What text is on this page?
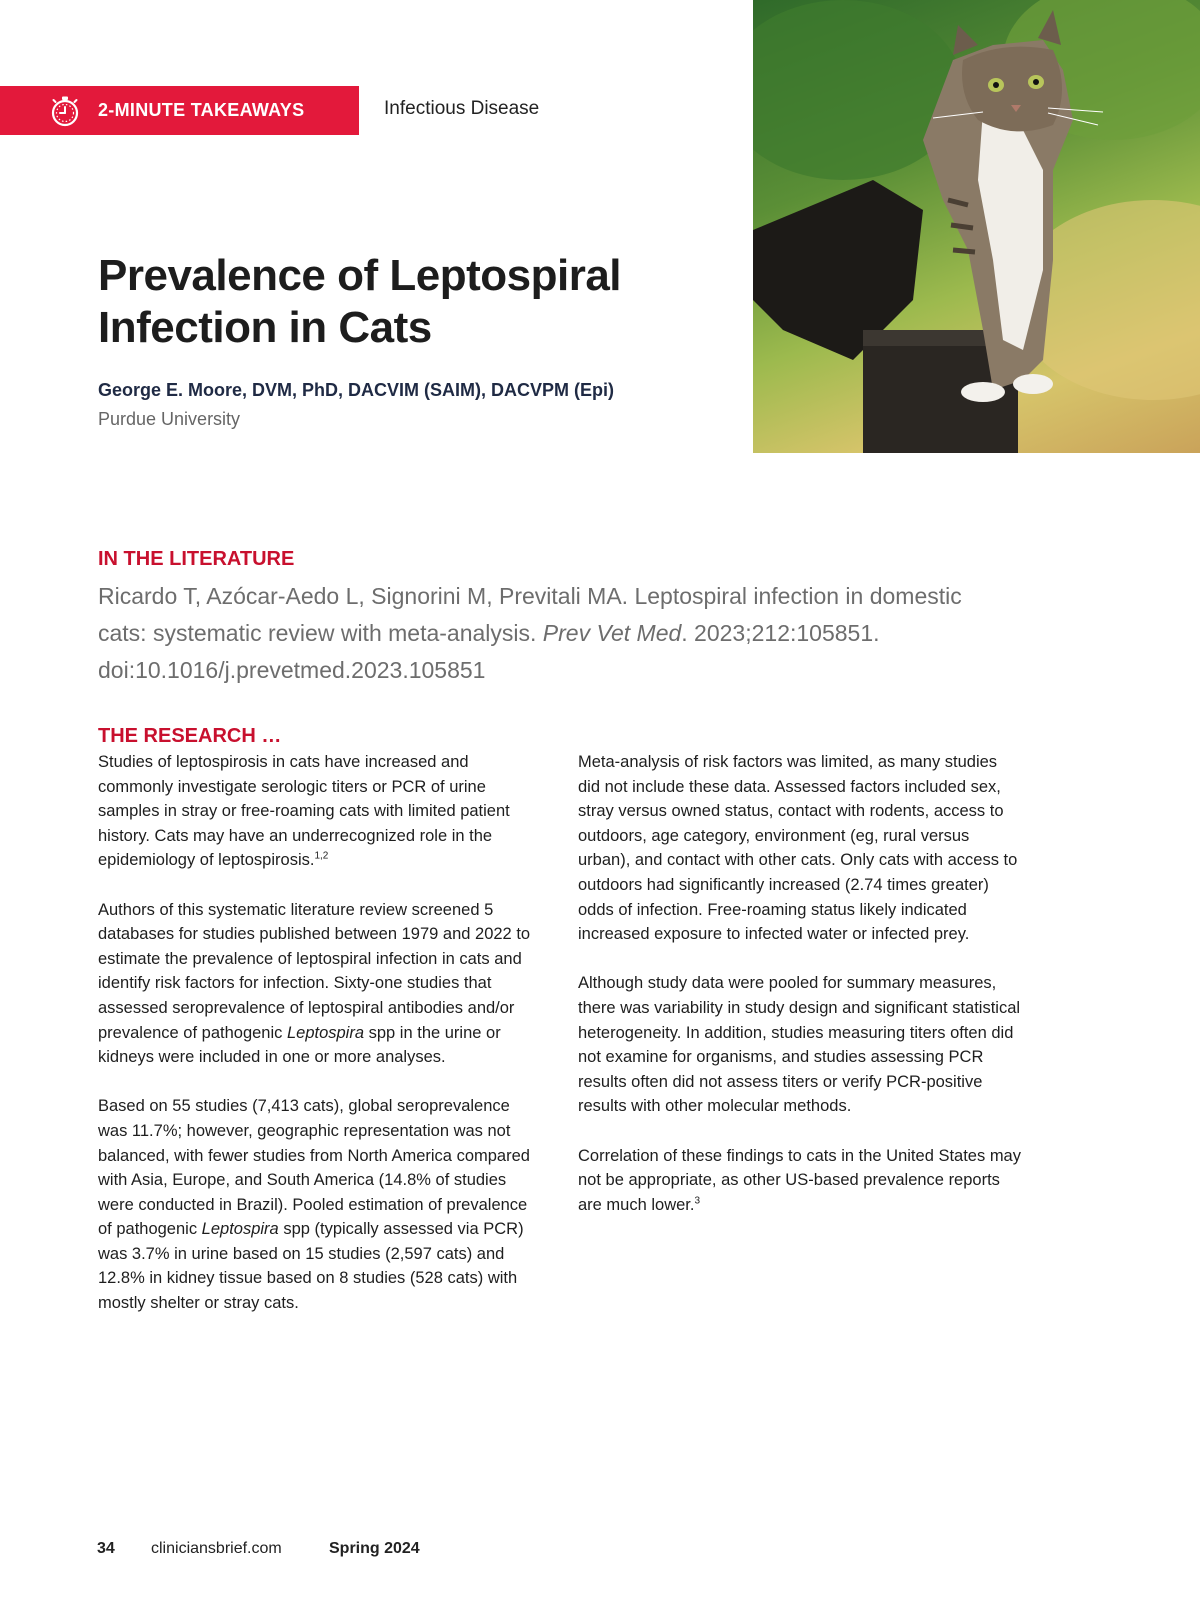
2-MINUTE TAKEAWAYS	Infectious Disease
Prevalence of Leptospiral Infection in Cats
George E. Moore, DVM, PhD, DACVIM (SAIM), DACVPM (Epi)
Purdue University
IN THE LITERATURE
Ricardo T, Azócar-Aedo L, Signorini M, Previtali MA. Leptospiral infection in domestic cats: systematic review with meta-analysis. Prev Vet Med. 2023;212:105851. doi:10.1016/j.prevetmed.2023.105851
THE RESEARCH …

Studies of leptospirosis in cats have increased and commonly investigate serologic titers or PCR of urine samples in stray or free-roaming cats with limited patient history. Cats may have an underrecognized role in the epidemiology of leptospirosis.$^{1,2}$

Authors of this systematic literature review screened 5 databases for studies published between 1979 and 2022 to estimate the prevalence of leptospiral infection in cats and identify risk factors for infection. Sixty-one studies that assessed seroprevalence of leptospiral antibodies and/or prevalence of pathogenic Leptospira spp in the urine or kidneys were included in one or more analyses.

Based on 55 studies (7,413 cats), global seroprevalence was 11.7%; however, geographic representation was not balanced, with fewer studies from North America compared with Asia, Europe, and South America (14.8% of studies were conducted in Brazil). Pooled estimation of prevalence of pathogenic Leptospira spp (typically assessed via PCR) was 3.7% in urine based on 15 studies (2,597 cats) and 12.8% in kidney tissue based on 8 studies (528 cats) with mostly shelter or stray cats.

Meta-analysis of risk factors was limited, as many studies did not include these data. Assessed factors included sex, stray versus owned status, contact with rodents, access to outdoors, age category, environment (eg, rural versus urban), and contact with other cats. Only cats with access to outdoors had significantly increased (2.74 times greater) odds of infection. Free-roaming status likely indicated increased exposure to infected water or infected prey.

Although study data were pooled for summary measures, there was variability in study design and significant statistical heterogeneity. In addition, studies measuring titers often did not examine for organisms, and studies assessing PCR results often did not assess titers or verify PCR-positive results with other molecular methods.

Correlation of these findings to cats in the United States may not be appropriate, as other US-based prevalence reports are much lower.$^3$

34 cliniciansbrief.com	Spring 2024
